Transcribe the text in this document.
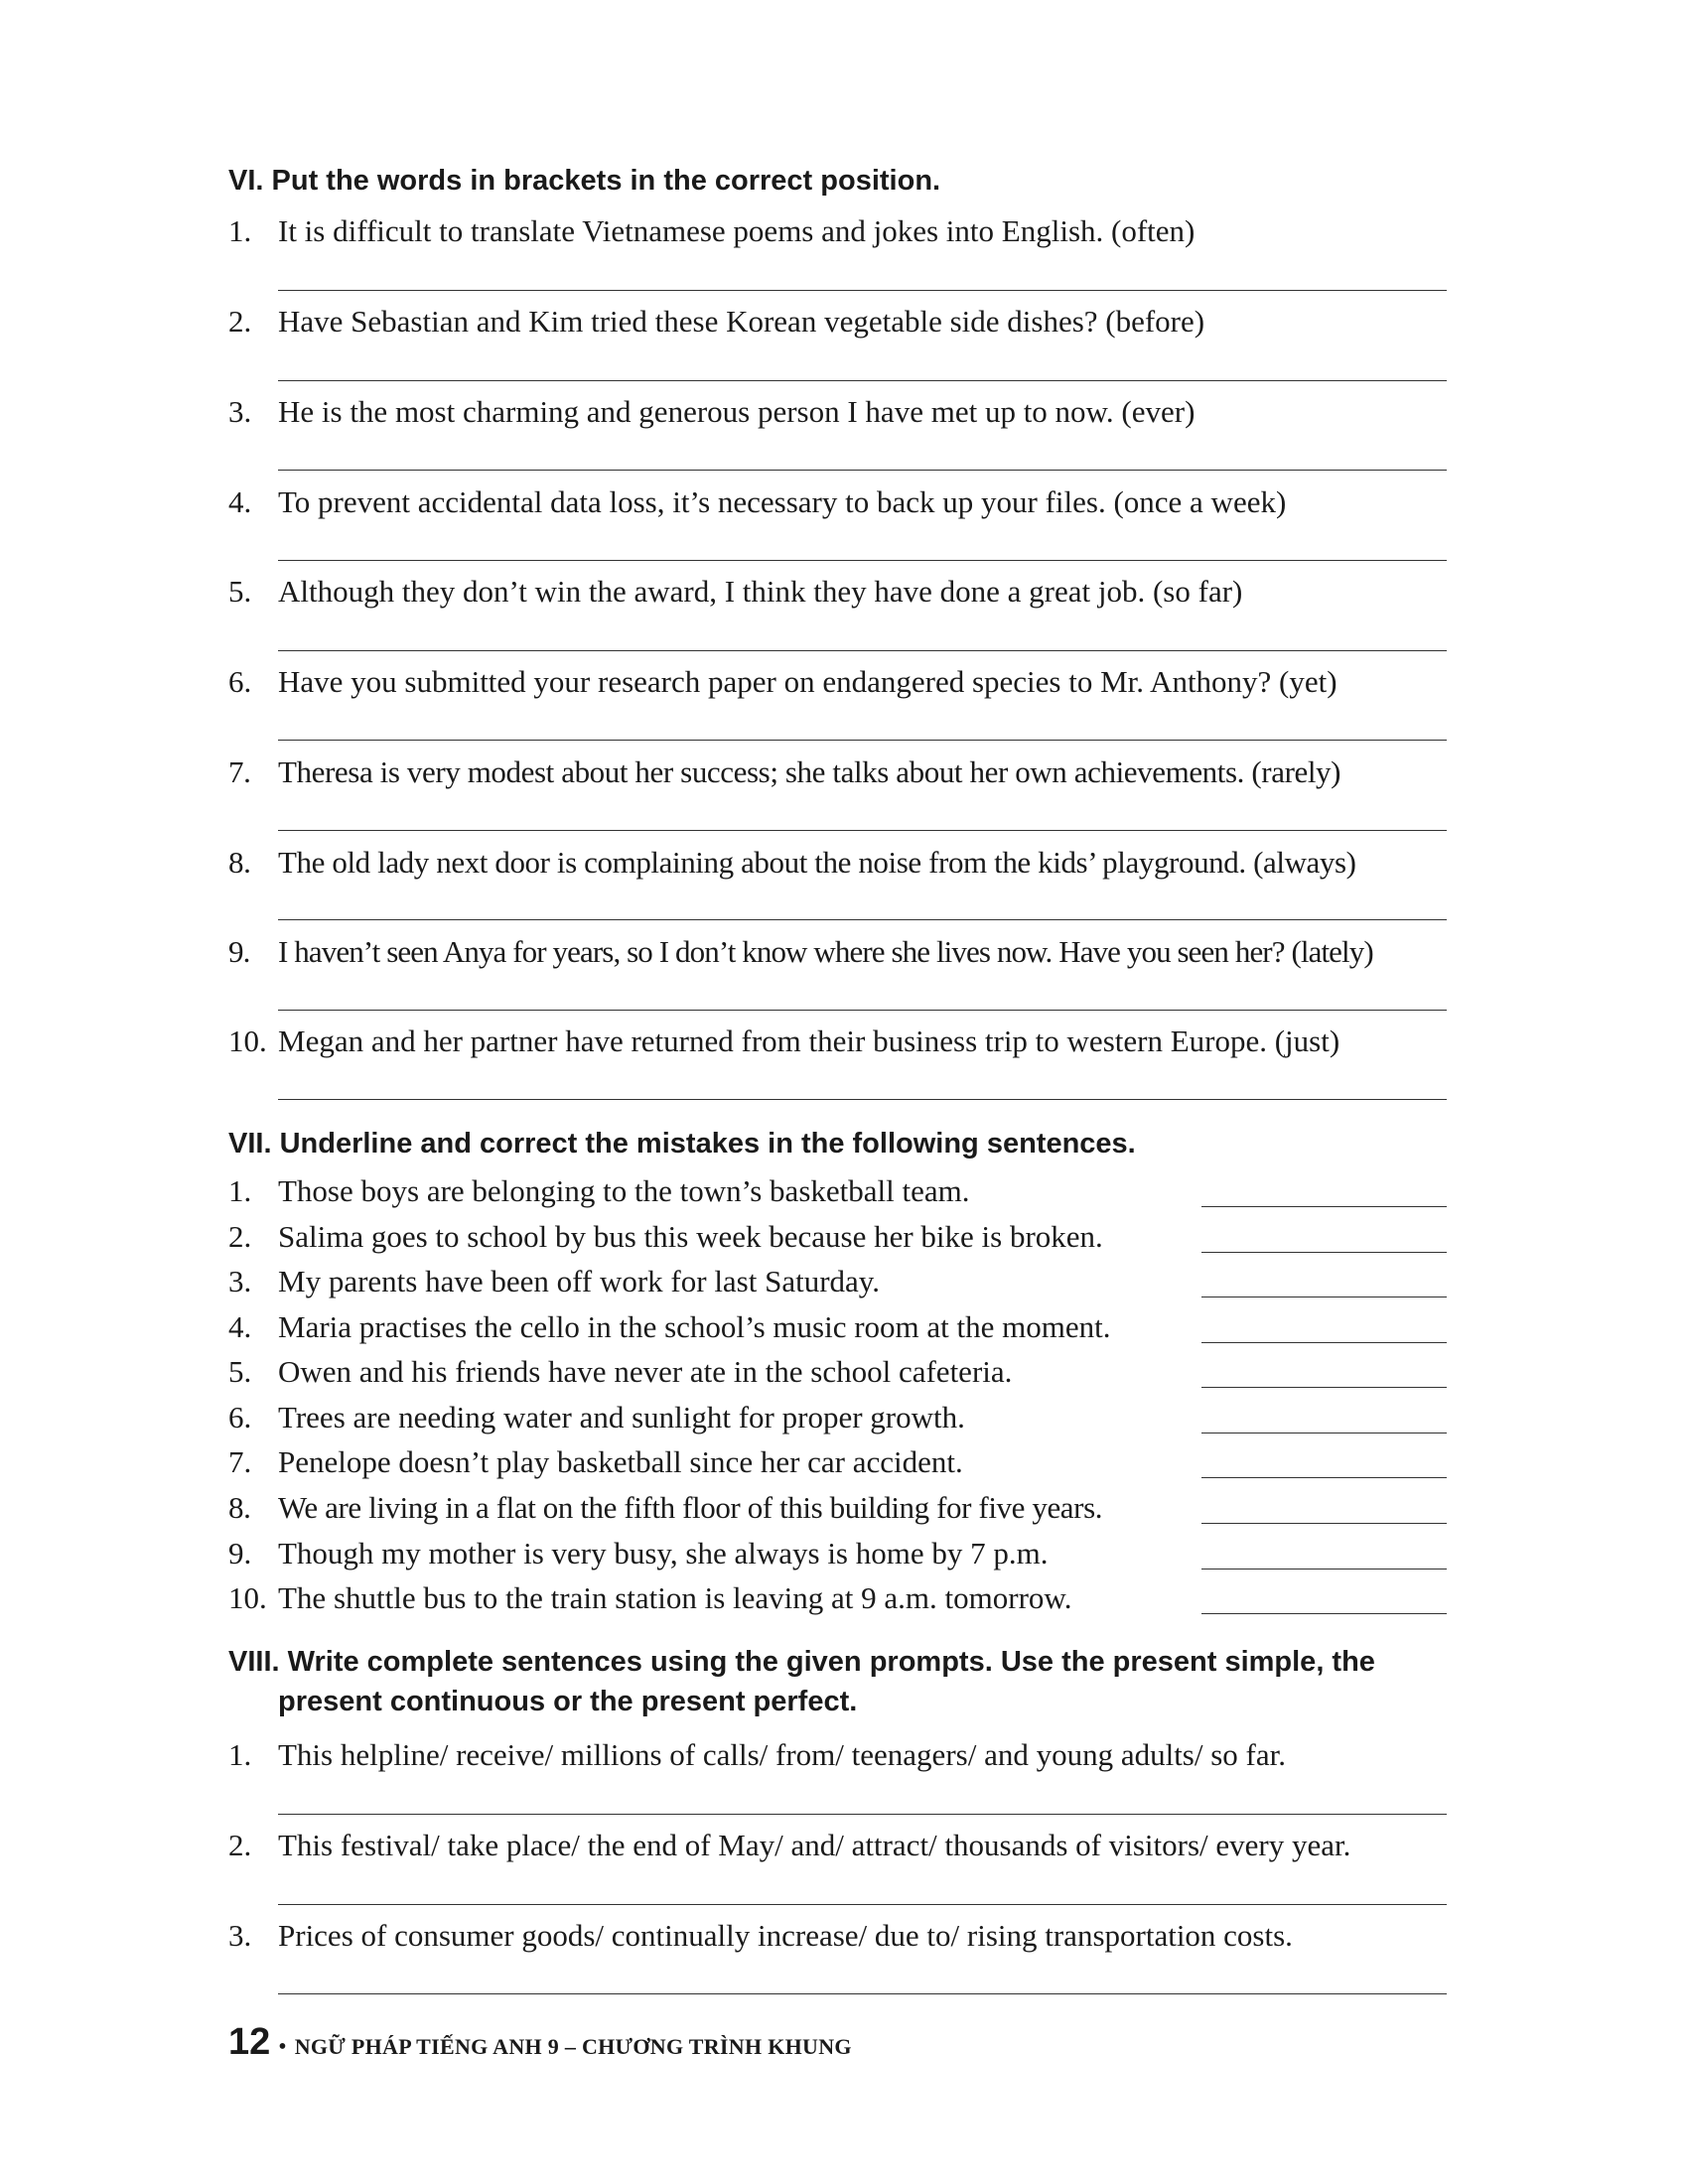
VI. Put the words in brackets in the correct position.
1. It is difficult to translate Vietnamese poems and jokes into English. (often)
2. Have Sebastian and Kim tried these Korean vegetable side dishes? (before)
3. He is the most charming and generous person I have met up to now. (ever)
4. To prevent accidental data loss, it’s necessary to back up your files. (once a week)
5. Although they don’t win the award, I think they have done a great job. (so far)
6. Have you submitted your research paper on endangered species to Mr. Anthony? (yet)
7. Theresa is very modest about her success; she talks about her own achievements. (rarely)
8. The old lady next door is complaining about the noise from the kids’ playground. (always)
9. I haven’t seen Anya for years, so I don’t know where she lives now. Have you seen her? (lately)
10. Megan and her partner have returned from their business trip to western Europe. (just)
VII. Underline and correct the mistakes in the following sentences.
1. Those boys are belonging to the town’s basketball team.
2. Salima goes to school by bus this week because her bike is broken.
3. My parents have been off work for last Saturday.
4. Maria practises the cello in the school’s music room at the moment.
5. Owen and his friends have never ate in the school cafeteria.
6. Trees are needing water and sunlight for proper growth.
7. Penelope doesn’t play basketball since her car accident.
8. We are living in a flat on the fifth floor of this building for five years.
9. Though my mother is very busy, she always is home by 7 p.m.
10. The shuttle bus to the train station is leaving at 9 a.m. tomorrow.
VIII. Write complete sentences using the given prompts. Use the present simple, the
present continuous or the present perfect.
1. This helpline/ receive/ millions of calls/ from/ teenagers/ and young adults/ so far.
2. This festival/ take place/ the end of May/ and/ attract/ thousands of visitors/ every year.
3. Prices of consumer goods/ continually increase/ due to/ rising transportation costs.
12 • NGỮ PHÁP TIẾNG ANH 9 – CHƯƠNG TRÌNH KHUNG
